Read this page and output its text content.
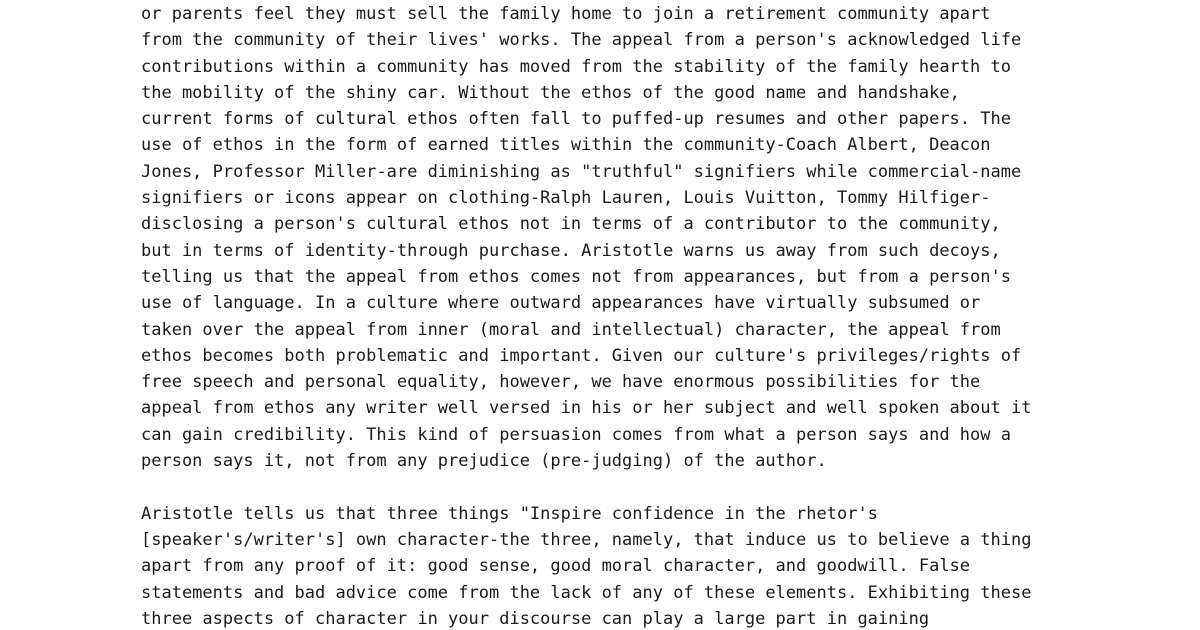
or parents feel they must sell the family home to join a retirement community apart
from the community of their lives' works. The appeal from a person's acknowledged life
contributions within a community has moved from the stability of the family hearth to
the mobility of the shiny car. Without the ethos of the good name and handshake,
current forms of cultural ethos often fall to puffed-up resumes and other papers. The
use of ethos in the form of earned titles within the community-Coach Albert, Deacon
Jones, Professor Miller-are diminishing as "truthful" signifiers while commercial-name
signifiers or icons appear on clothing-Ralph Lauren, Louis Vuitton, Tommy Hilfiger-
disclosing a person's cultural ethos not in terms of a contributor to the community,
but in terms of identity-through purchase. Aristotle warns us away from such decoys,
telling us that the appeal from ethos comes not from appearances, but from a person's
use of language. In a culture where outward appearances have virtually subsumed or
taken over the appeal from inner (moral and intellectual) character, the appeal from
ethos becomes both problematic and important. Given our culture's privileges/rights of
free speech and personal equality, however, we have enormous possibilities for the
appeal from ethos any writer well versed in his or her subject and well spoken about it
can gain credibility. This kind of persuasion comes from what a person says and how a
person says it, not from any prejudice (pre-judging) of the author.

Aristotle tells us that three things "Inspire confidence in the rhetor's
[speaker's/writer's] own character-the three, namely, that induce us to believe a thing
apart from any proof of it: good sense, good moral character, and goodwill. False
statements and bad advice come from the lack of any of these elements. Exhibiting these
three aspects of character in your discourse can play a large part in gaining
